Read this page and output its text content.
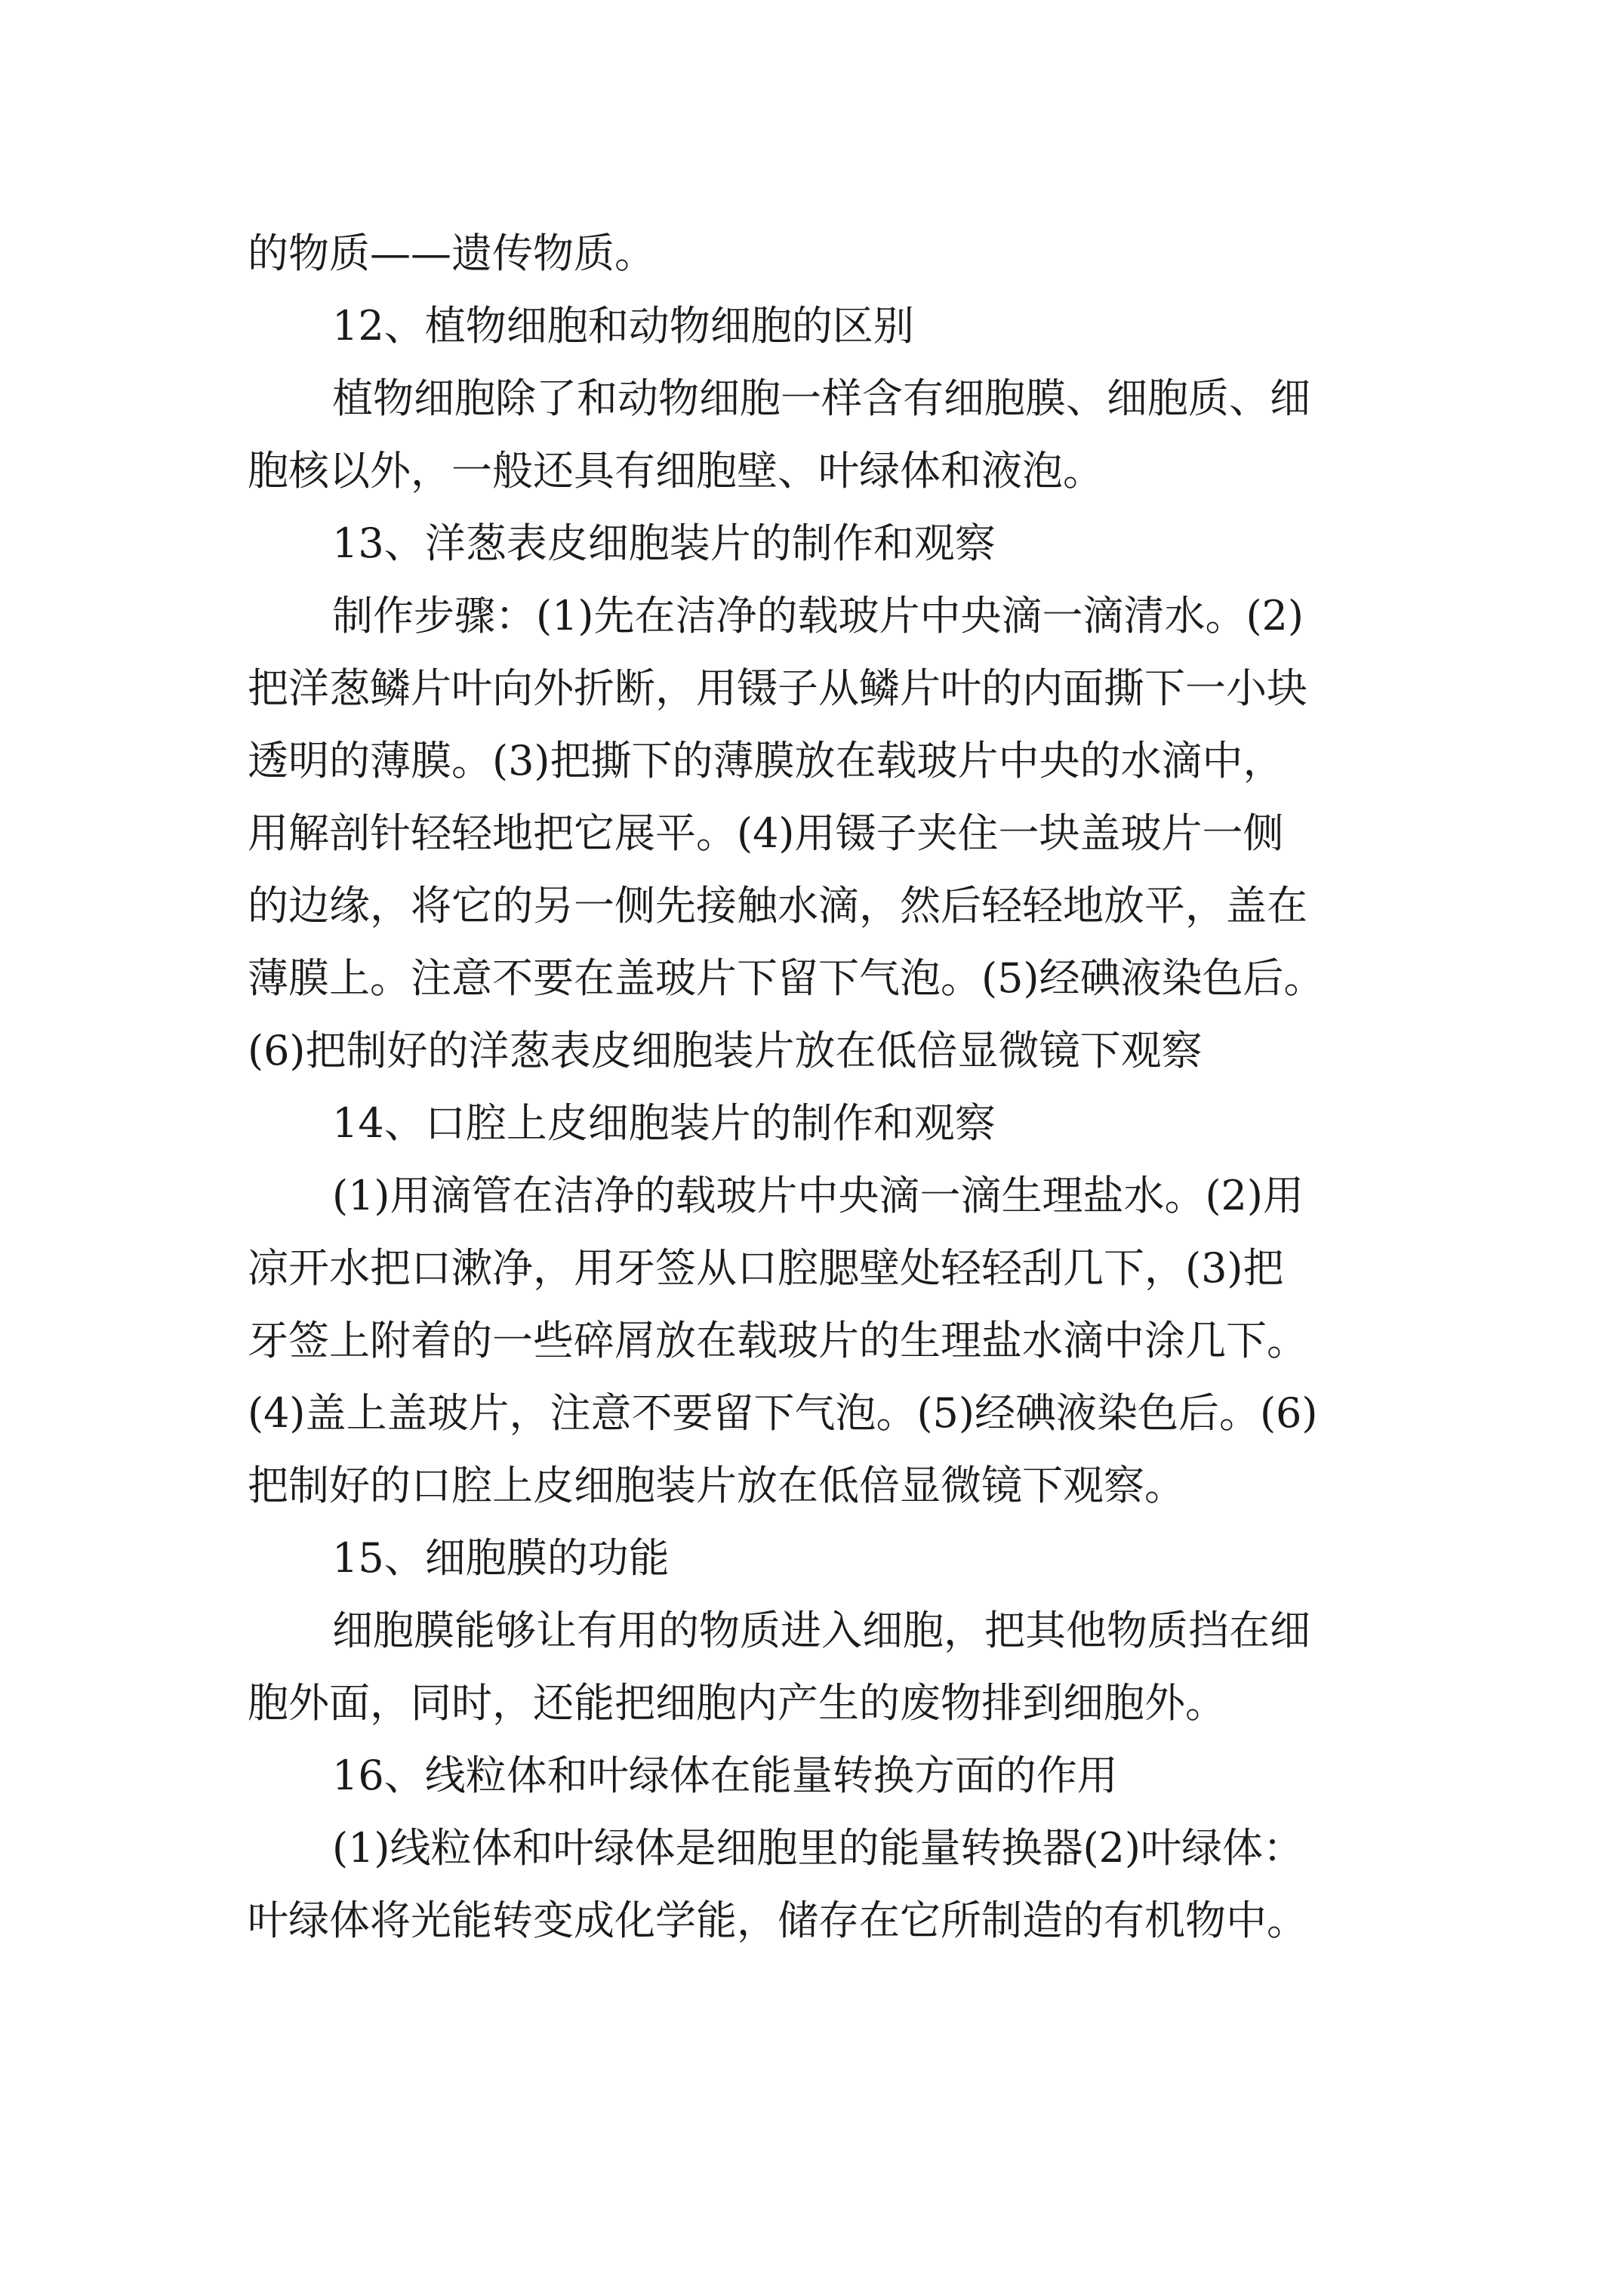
的物质——遗传物质。
12、植物细胞和动物细胞的区别
植物细胞除了和动物细胞一样含有细胞膜、细胞质、细
胞核以外，一般还具有细胞壁、叶绿体和液泡。
13、洋葱表皮细胞装片的制作和观察
制作步骤：(1)先在洁净的载玻片中央滴一滴清水。(2)
把洋葱鳞片叶向外折断，用镊子从鳞片叶的内面撕下一小块
透明的薄膜。(3)把撕下的薄膜放在载玻片中央的水滴中，
用解剖针轻轻地把它展平。(4)用镊子夹住一块盖玻片一侧
的边缘，将它的另一侧先接触水滴，然后轻轻地放平，盖在
薄膜上。注意不要在盖玻片下留下气泡。(5)经碘液染色后。
(6)把制好的洋葱表皮细胞装片放在低倍显微镜下观察
14、口腔上皮细胞装片的制作和观察
(1)用滴管在洁净的载玻片中央滴一滴生理盐水。(2)用
凉开水把口漱净，用牙签从口腔腮壁处轻轻刮几下，(3)把
牙签上附着的一些碎屑放在载玻片的生理盐水滴中涂几下。
(4)盖上盖玻片，注意不要留下气泡。(5)经碘液染色后。(6)
把制好的口腔上皮细胞装片放在低倍显微镜下观察。
15、细胞膜的功能
细胞膜能够让有用的物质进入细胞，把其他物质挡在细
胞外面，同时，还能把细胞内产生的废物排到细胞外。
16、线粒体和叶绿体在能量转换方面的作用
(1)线粒体和叶绿体是细胞里的能量转换器(2)叶绿体：
叶绿体将光能转变成化学能，储存在它所制造的有机物中。
